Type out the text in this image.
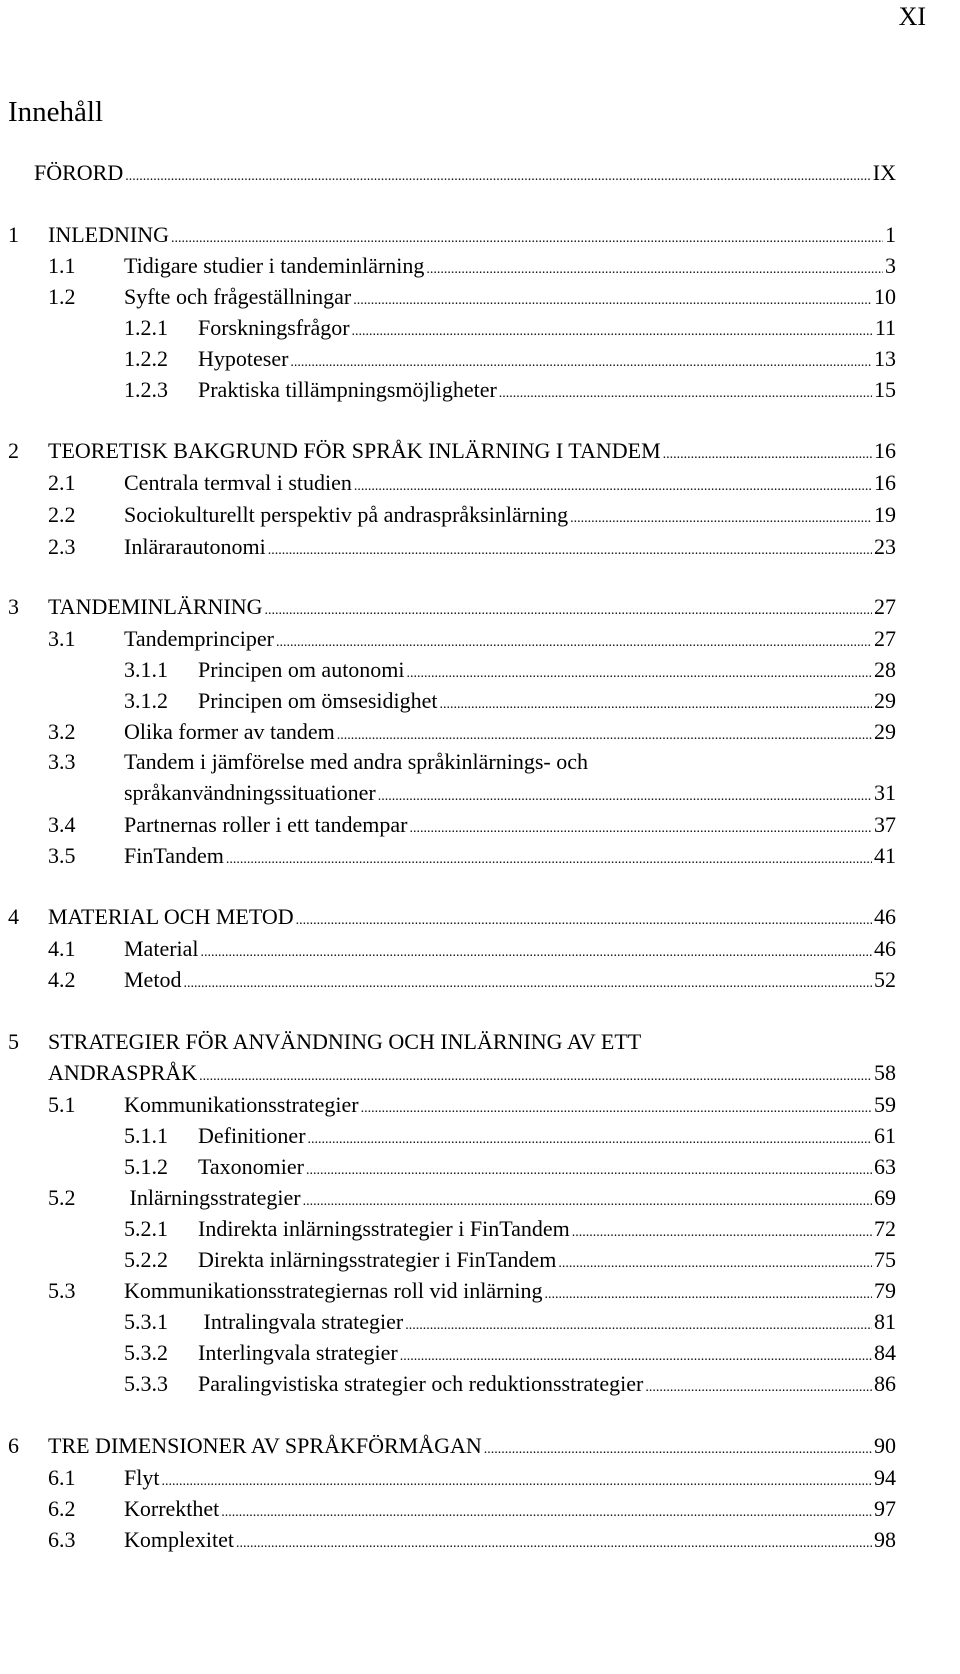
XI
Innehåll
FÖRORD .....	IX
1	INLEDNING .....	1
1.1	Tidigare studier i tandeminlärning .....	3
1.2	Syfte och frågeställningar .....	10
1.2.1	Forskningsfrågor .....	11
1.2.2	Hypoteser .....	13
1.2.3	Praktiska tillämpningsmöjligheter .....	15
2	TEORETISK BAKGRUND FÖR SPRÅK INLÄRNING I TANDEM .....	16
2.1	Centrala termval i studien .....	16
2.2	Sociokulturellt perspektiv på andraspråksinlärning .....	19
2.3	Inlärarautonomi .....	23
3	TANDEMINLÄRNING .....	27
3.1	Tandemprinciper .....	27
3.1.1	Principen om autonomi .....	28
3.1.2	Principen om ömsesidighet .....	29
3.2	Olika former av tandem .....	29
3.3 Tandem i jämförelse med andra språkinlärnings- och
språkanvändningssituationer .....	31
3.4	Partnernas roller i ett tandempar .....	37
3.5	FinTandem .....	41
4	MATERIAL OCH METOD .....	46
4.1	Material .....	46
4.2	Metod .....	52
5 STRATEGIER FÖR ANVÄNDNING OCH INLÄRNING AV ETT
ANDRASPRÅK .....	58
5.1	Kommunikationsstrategier .....	59
5.1.1	Definitioner .....	61
5.1.2	Taxonomier .....	63
5.2	Inlärningsstrategier .....	69
5.2.1	Indirekta inlärningsstrategier i FinTandem .....	72
5.2.2	Direkta inlärningsstrategier i FinTandem .....	75
5.3	Kommunikationsstrategiernas roll vid inlärning .....	79
5.3.1	Intralingvala strategier .....	81
5.3.2	Interlingvala strategier .....	84
5.3.3	Paralingvistiska strategier och reduktionsstrategier .....	86
6	TRE DIMENSIONER AV SPRÅKFÖRMÅGAN .....	90
6.1	Flyt .....	94
6.2	Korrekthet .....	97
6.3	Komplexitet .....	98
